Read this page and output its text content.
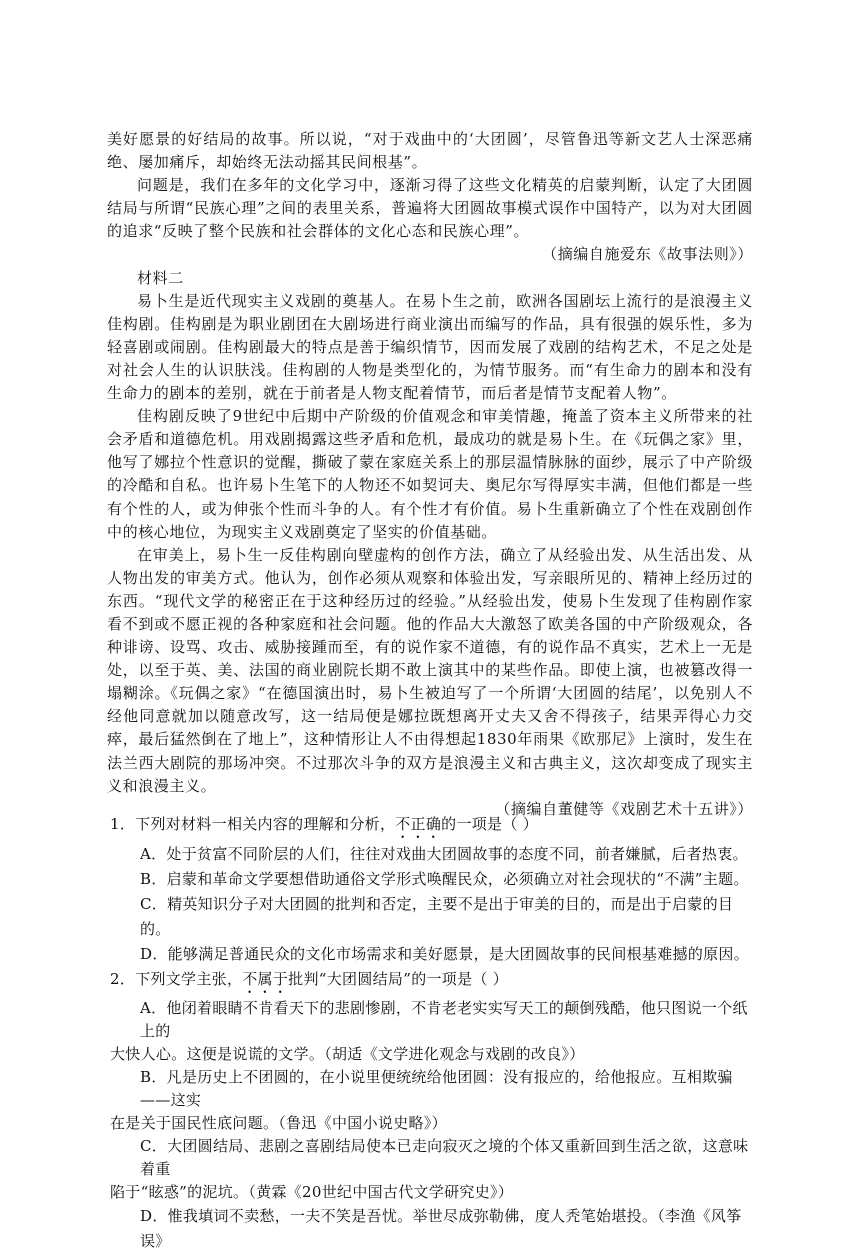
美好愿景的好结局的故事。所以说，“对于戏曲中的‘大团圆’，尽管鲁迅等新文艺人士深恶痛绝、屡加痛斥，却始终无法动摇其民间根基”。

问题是，我们在多年的文化学习中，逐渐习得了这些文化精英的启蒙判断，认定了大团圆结局与所谓“民族心理”之间的表里关系，普遍将大团圆故事模式误作中国特产，以为对大团圆的追求“反映了整个民族和社会群体的文化心态和民族心理”。

（摘编自施爱东《故事法则》）

材料二

易卜生是近代现实主义戏剧的奠基人。在易卜生之前，欧洲各国剧坛上流行的是浪漫主义佳构剧。佳构剧是为职业剧团在大剧场进行商业演出而编写的作品，具有很强的娱乐性，多为轻喜剧或闹剧。佳构剧最大的特点是善于编织情节，因而发展了戏剧的结构艺术，不足之处是对社会人生的认识肤浅。佳构剧的人物是类型化的，为情节服务。而“有生命力的剧本和没有生命力的剧本的差别，就在于前者是人物支配着情节，而后者是情节支配着人物”。

佳构剧反映了9世纪中后期中产阶级的价值观念和审美情趣，掩盖了资本主义所带来的社会矛盾和道德危机。用戏剧揭露这些矛盾和危机，最成功的就是易卜生。在《玩偶之家》里，他写了娜拉个性意识的觉醒，撕破了蒙在家庭关系上的那层温情脉脉的面纱，展示了中产阶级的冷酷和自私。也许易卜生笔下的人物还不如契诃夫、奥尼尔写得厚实丰满，但他们都是一些有个性的人，或为伸张个性而斗争的人。有个性才有价值。易卜生重新确立了个性在戏剧创作中的核心地位，为现实主义戏剧奠定了坚实的价值基础。

在审美上，易卜生一反佳构剧向壁虚构的创作方法，确立了从经验出发、从生活出发、从人物出发的审美方式。他认为，创作必须从观察和体验出发，写亲眼所见的、精神上经历过的东西。“现代文学的秘密正在于这种经历过的经验。”从经验出发，使易卜生发现了佳构剧作家看不到或不愿正视的各种家庭和社会问题。他的作品大大激怒了欧美各国的中产阶级观众，各种诽谤、设骂、攻击、威胁接踵而至，有的说作家不道德，有的说作品不真实，艺术上一无是处，以至于英、美、法国的商业剧院长期不敢上演其中的某些作品。即使上演，也被篡改得一塌糊涂。《玩偶之家》“在德国演出时，易卜生被迫写了一个所谓‘大团圆的结尾’，以免别人不经他同意就加以随意改写，这一结局便是娜拉既想离开丈夫又舍不得孩子，结果弄得心力交瘁，最后猛然倒在了地上”，这种情形让人不由得想起1830年雨果《欧那尼》上演时，发生在法兰西大剧院的那场冲突。不过那次斗争的双方是浪漫主义和古典主义，这次却变成了现实主义和浪漫主义。

（摘编自董健等《戏剧艺术十五讲》）

1．下列对材料一相关内容的理解和分析，不正确的一项是（ ）

A．处于贫富不同阶层的人们，往往对戏曲大团圆故事的态度不同，前者嫌腻，后者热衷。

B．启蒙和革命文学要想借助通俗文学形式唤醒民众，必须确立对社会现状的“不满”主题。

C．精英知识分子对大团圆的批判和否定，主要不是出于审美的目的，而是出于启蒙的目的。

D．能够满足普通民众的文化市场需求和美好愿景，是大团圆故事的民间根基难撼的原因。

2．下列文学主张，不属于批判“大团圆结局”的一项是（ ）

A．他闭着眼睛不肯看天下的悲剧惨剧，不肯老老实实写天工的颠倒残酷，他只图说一个纸上的
大快人心。这便是说谎的文学。（胡适《文学进化观念与戏剧的改良》）
B．凡是历史上不团圆的，在小说里便统统给他团圆：没有报应的，给他报应。互相欺骗——这实
在是关于国民性底问题。（鲁迅《中国小说史略》）
C．大团圆结局、悲剧之喜剧结局使本已走向寂灭之境的个体又重新回到生活之欲，这意味着重
陷于“眩惑”的泥坑。（黄霖《20世纪中国古代文学研究史》）

D．惟我填词不卖愁，一夫不笑是吾忧。举世尽成弥勒佛，度人秃笔始堪投。（李渔《风筝误》
